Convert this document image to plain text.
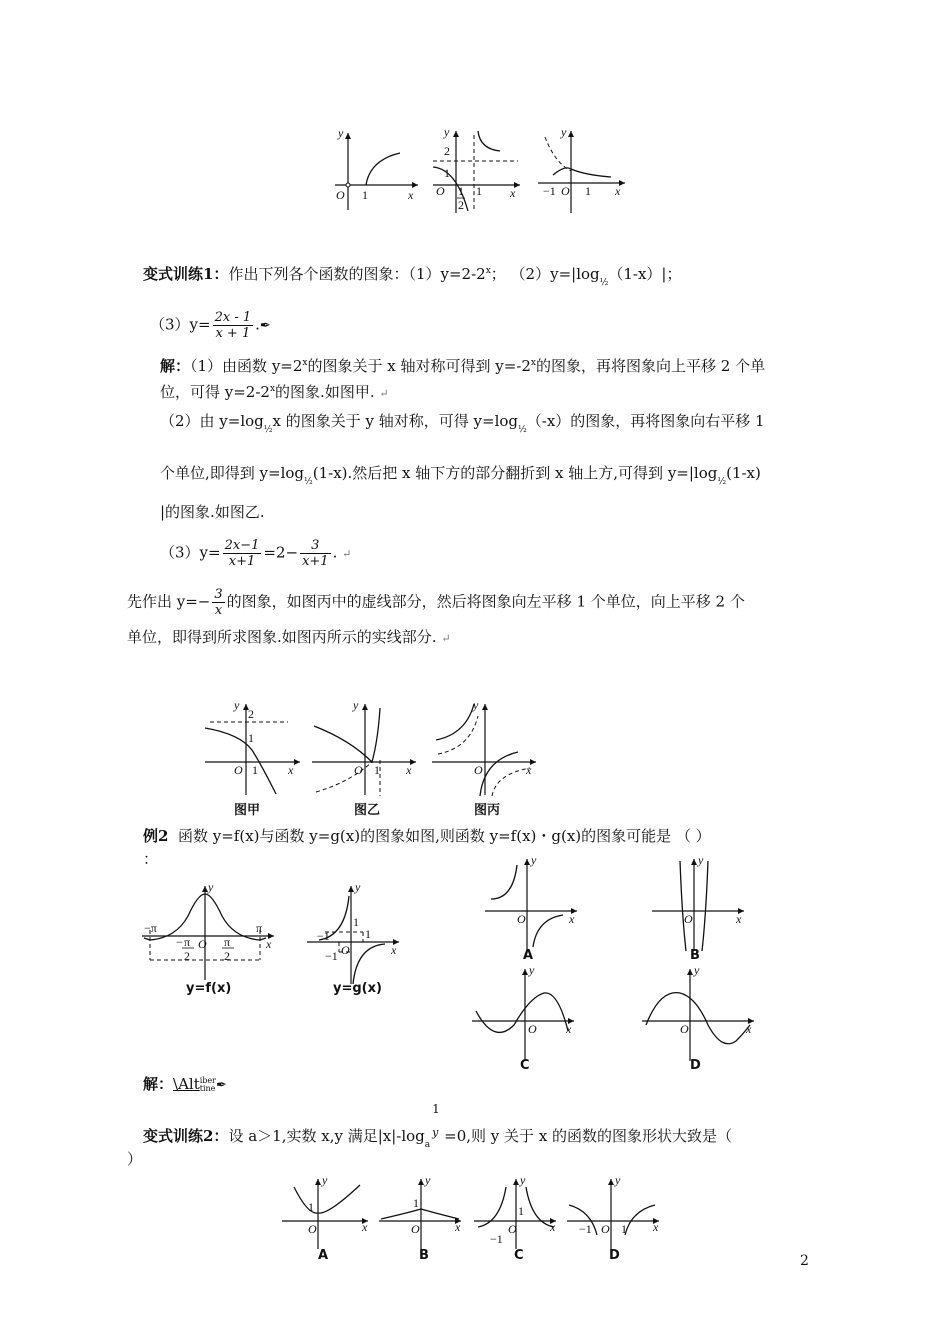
y
x
O 1
y
x
2
1
O 1
2
1
y
x
−1 O 1
变式训练1：作出下列各个函数的图象：$(1)y=2-2^x$； $(2)y=|\log_{\frac{1}{2}}(1-x)|$；
$(3)y= \frac{2x - 1}{x + 1}$ .✒
解：（1）由函数 $y=2^x$的图象关于 x 轴对称可得到 $y=-2^x$的图象，再将图象向上平移 2 个单
位，可得 $y=2-2^x$的图象.如图甲. ↵
（2）由 $y=\log_{\frac{1}{2}}x$ 的图象关于 y 轴对称，可得 $y=\log_{\frac{1}{2}}(-x)$的图象，再将图象向右平移 1
个单位,即得到 $y=\log_{\frac{1}{2}}(1-x)$.然后把 x 轴下方的部分翻折到 x 轴上方,可得到 $y=|\log_{\frac{1}{2}}(1-x)$
|的图象.如图乙.
$(3)y= \frac{2x-1}{x+1} =2- \frac{3}{x+1}$ . ↵
先作出 $y=- \frac{3}{x}$ 的图象，如图丙中的虚线部分，然后将图象向左平移 1 个单位，向上平移 2 个
单位，即得到所求图象.如图丙所示的实线部分. ↵
y
x
2
1
O 1
图甲
y
x
O 1
图乙
y
x
O
图丙
例2 函数 y=f(x)与函数 y=g(x)的图象如图,则函数 y=f(x)・g(x)的图象可能是 （ ）
：
y
x
−π	π
− π
2
O π
2
y=f(x)
y
x
1
−1
O
1
−1
y=g(x)
y
x
O
A
y
x
O
B
y
x
O
C
y
x
O
D
解：\Alt iber
tine ✒
变式训练2：设 a＞1,实数 x,y 满足$|x|-\log_a$
1
y =0,则 y 关于 x 的函数的图象形状大致是（
）
y
x
1
O
A
y
x
1
O
B
y
x
1
−1
O
C
y
x
−1 O 1
D	2
